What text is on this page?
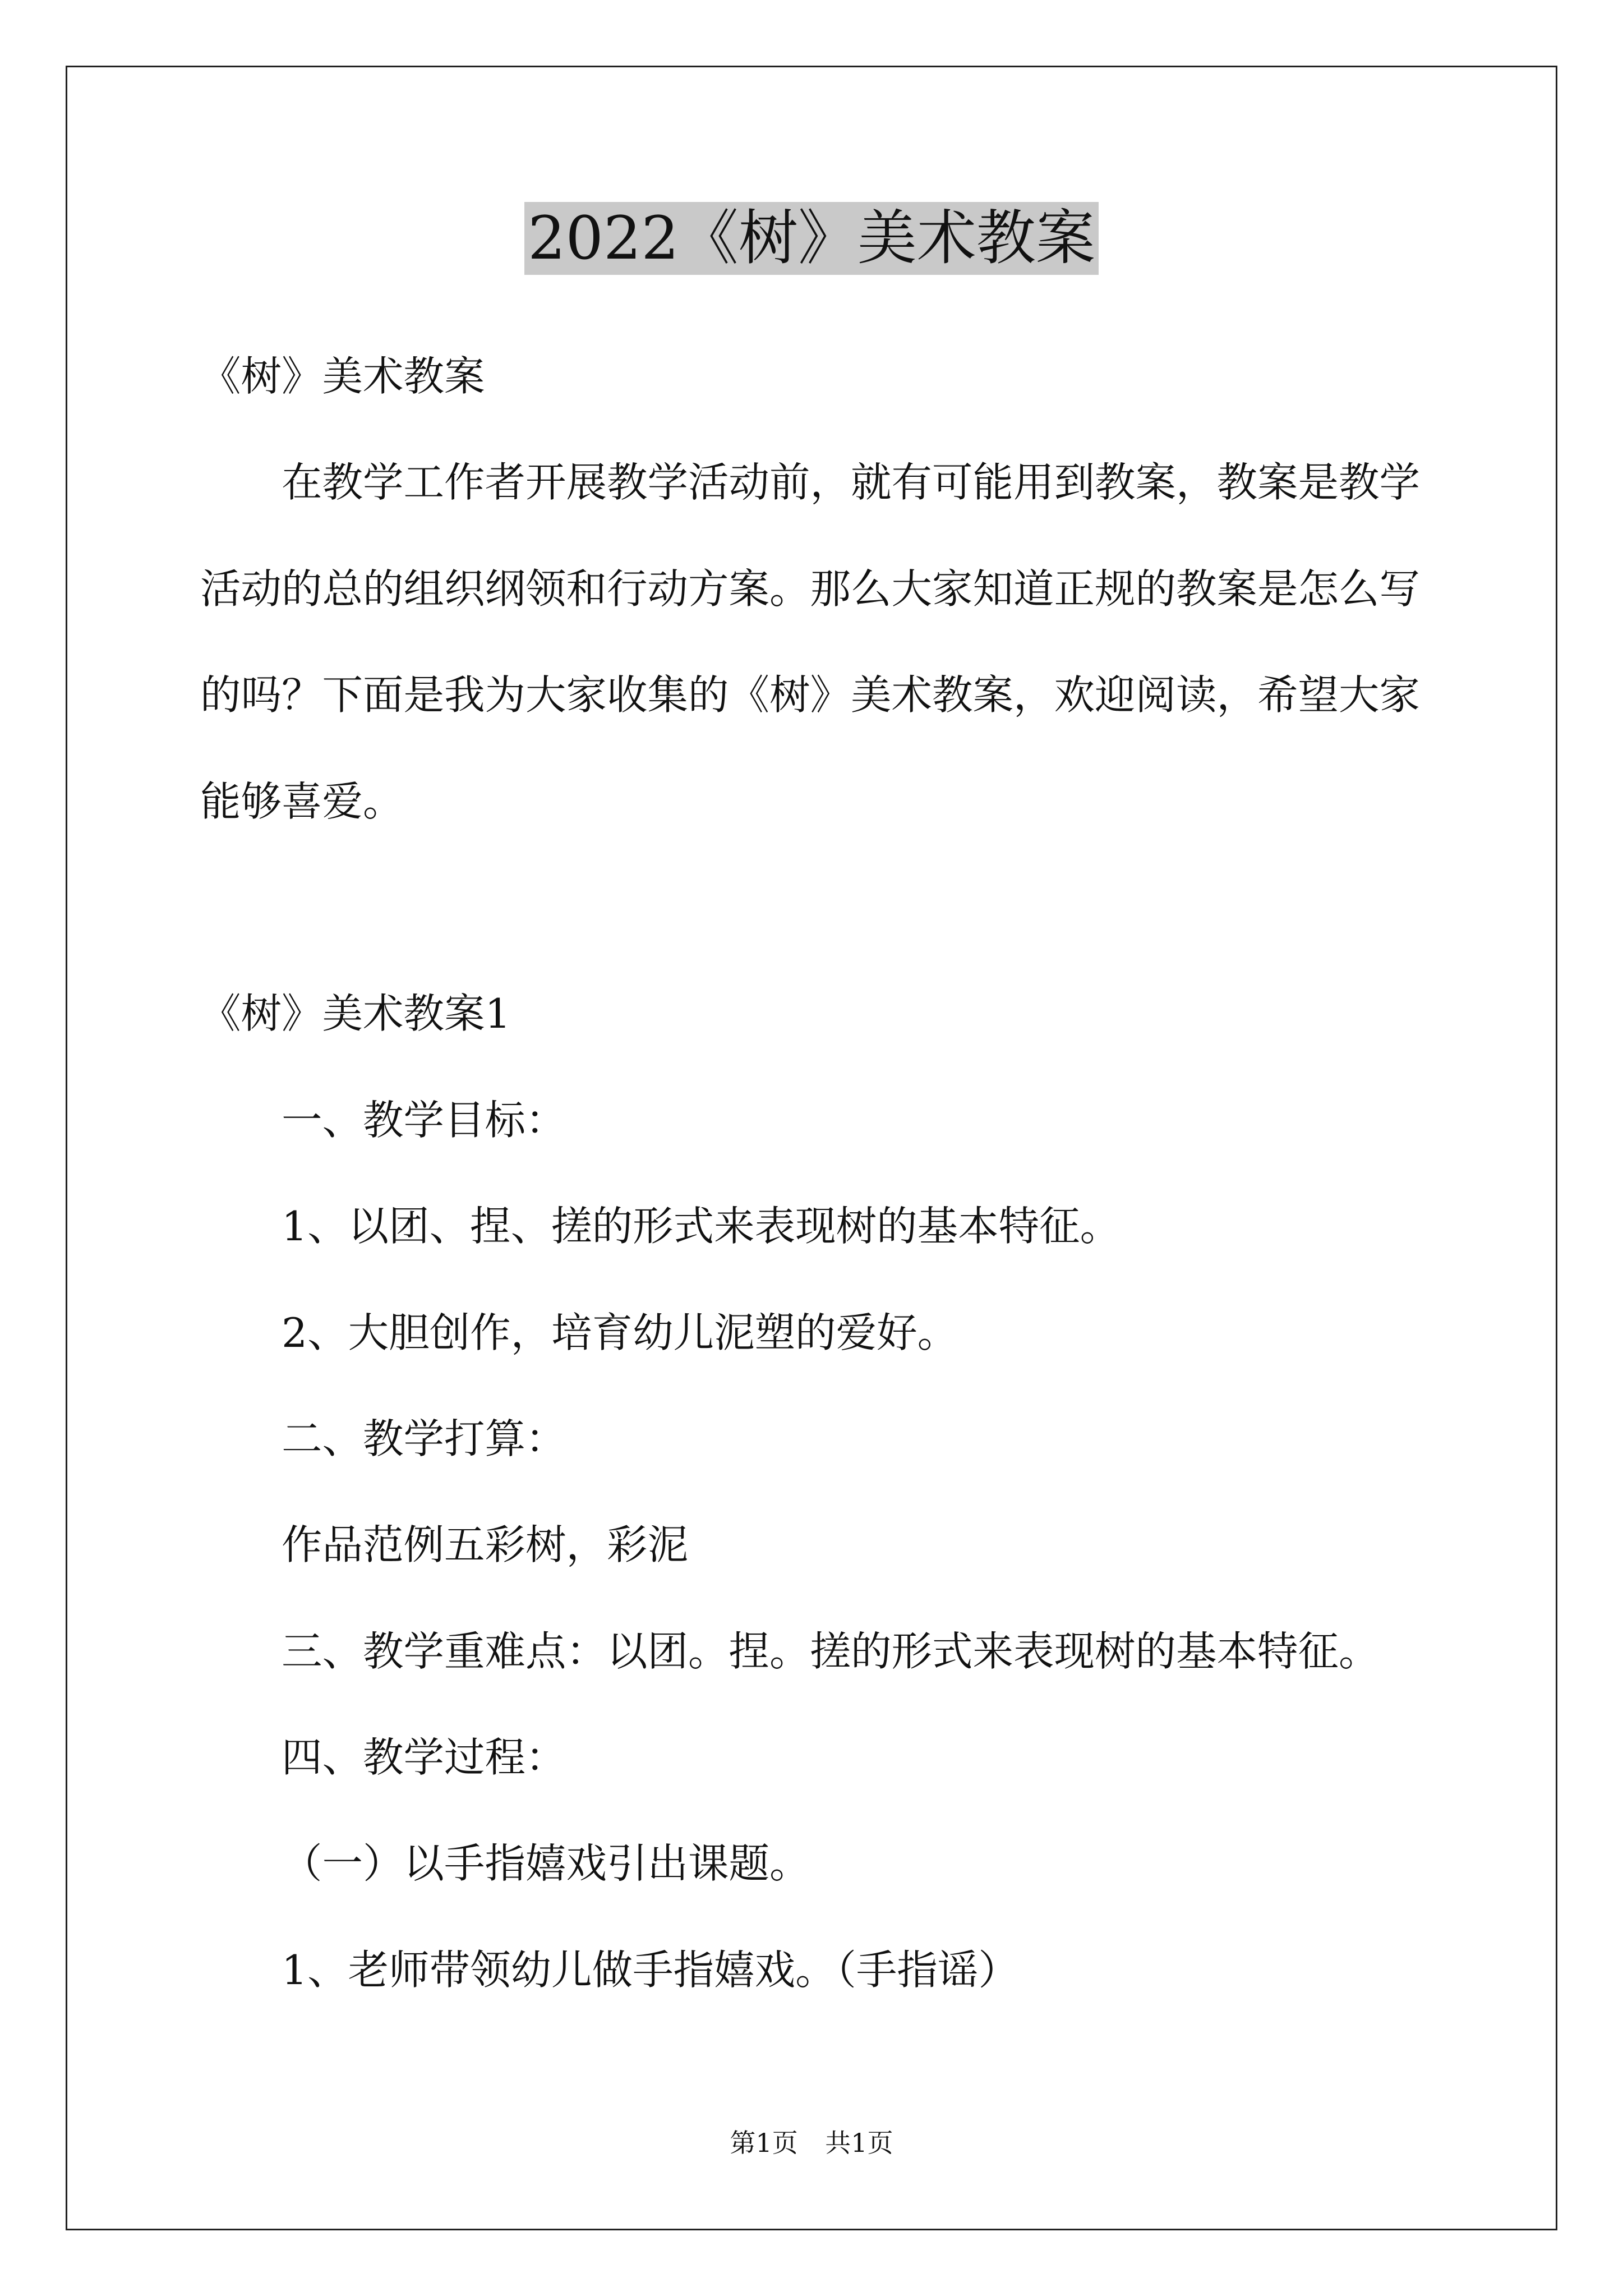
2022《树》美术教案
《树》美术教案
在教学工作者开展教学活动前，就有可能用到教案，教案是教学
活动的总的组织纲领和行动方案。那么大家知道正规的教案是怎么写
的吗？下面是我为大家收集的《树》美术教案，欢迎阅读，希望大家
能够喜爱。
《树》美术教案1
一、教学目标：
1、以团、捏、搓的形式来表现树的基本特征。
2、大胆创作，培育幼儿泥塑的爱好。
二、教学打算：
作品范例五彩树，彩泥
三、教学重难点：以团。捏。搓的形式来表现树的基本特征。
四、教学过程：
（一）以手指嬉戏引出课题。
1、老师带领幼儿做手指嬉戏。（手指谣）
第1页 共1页
